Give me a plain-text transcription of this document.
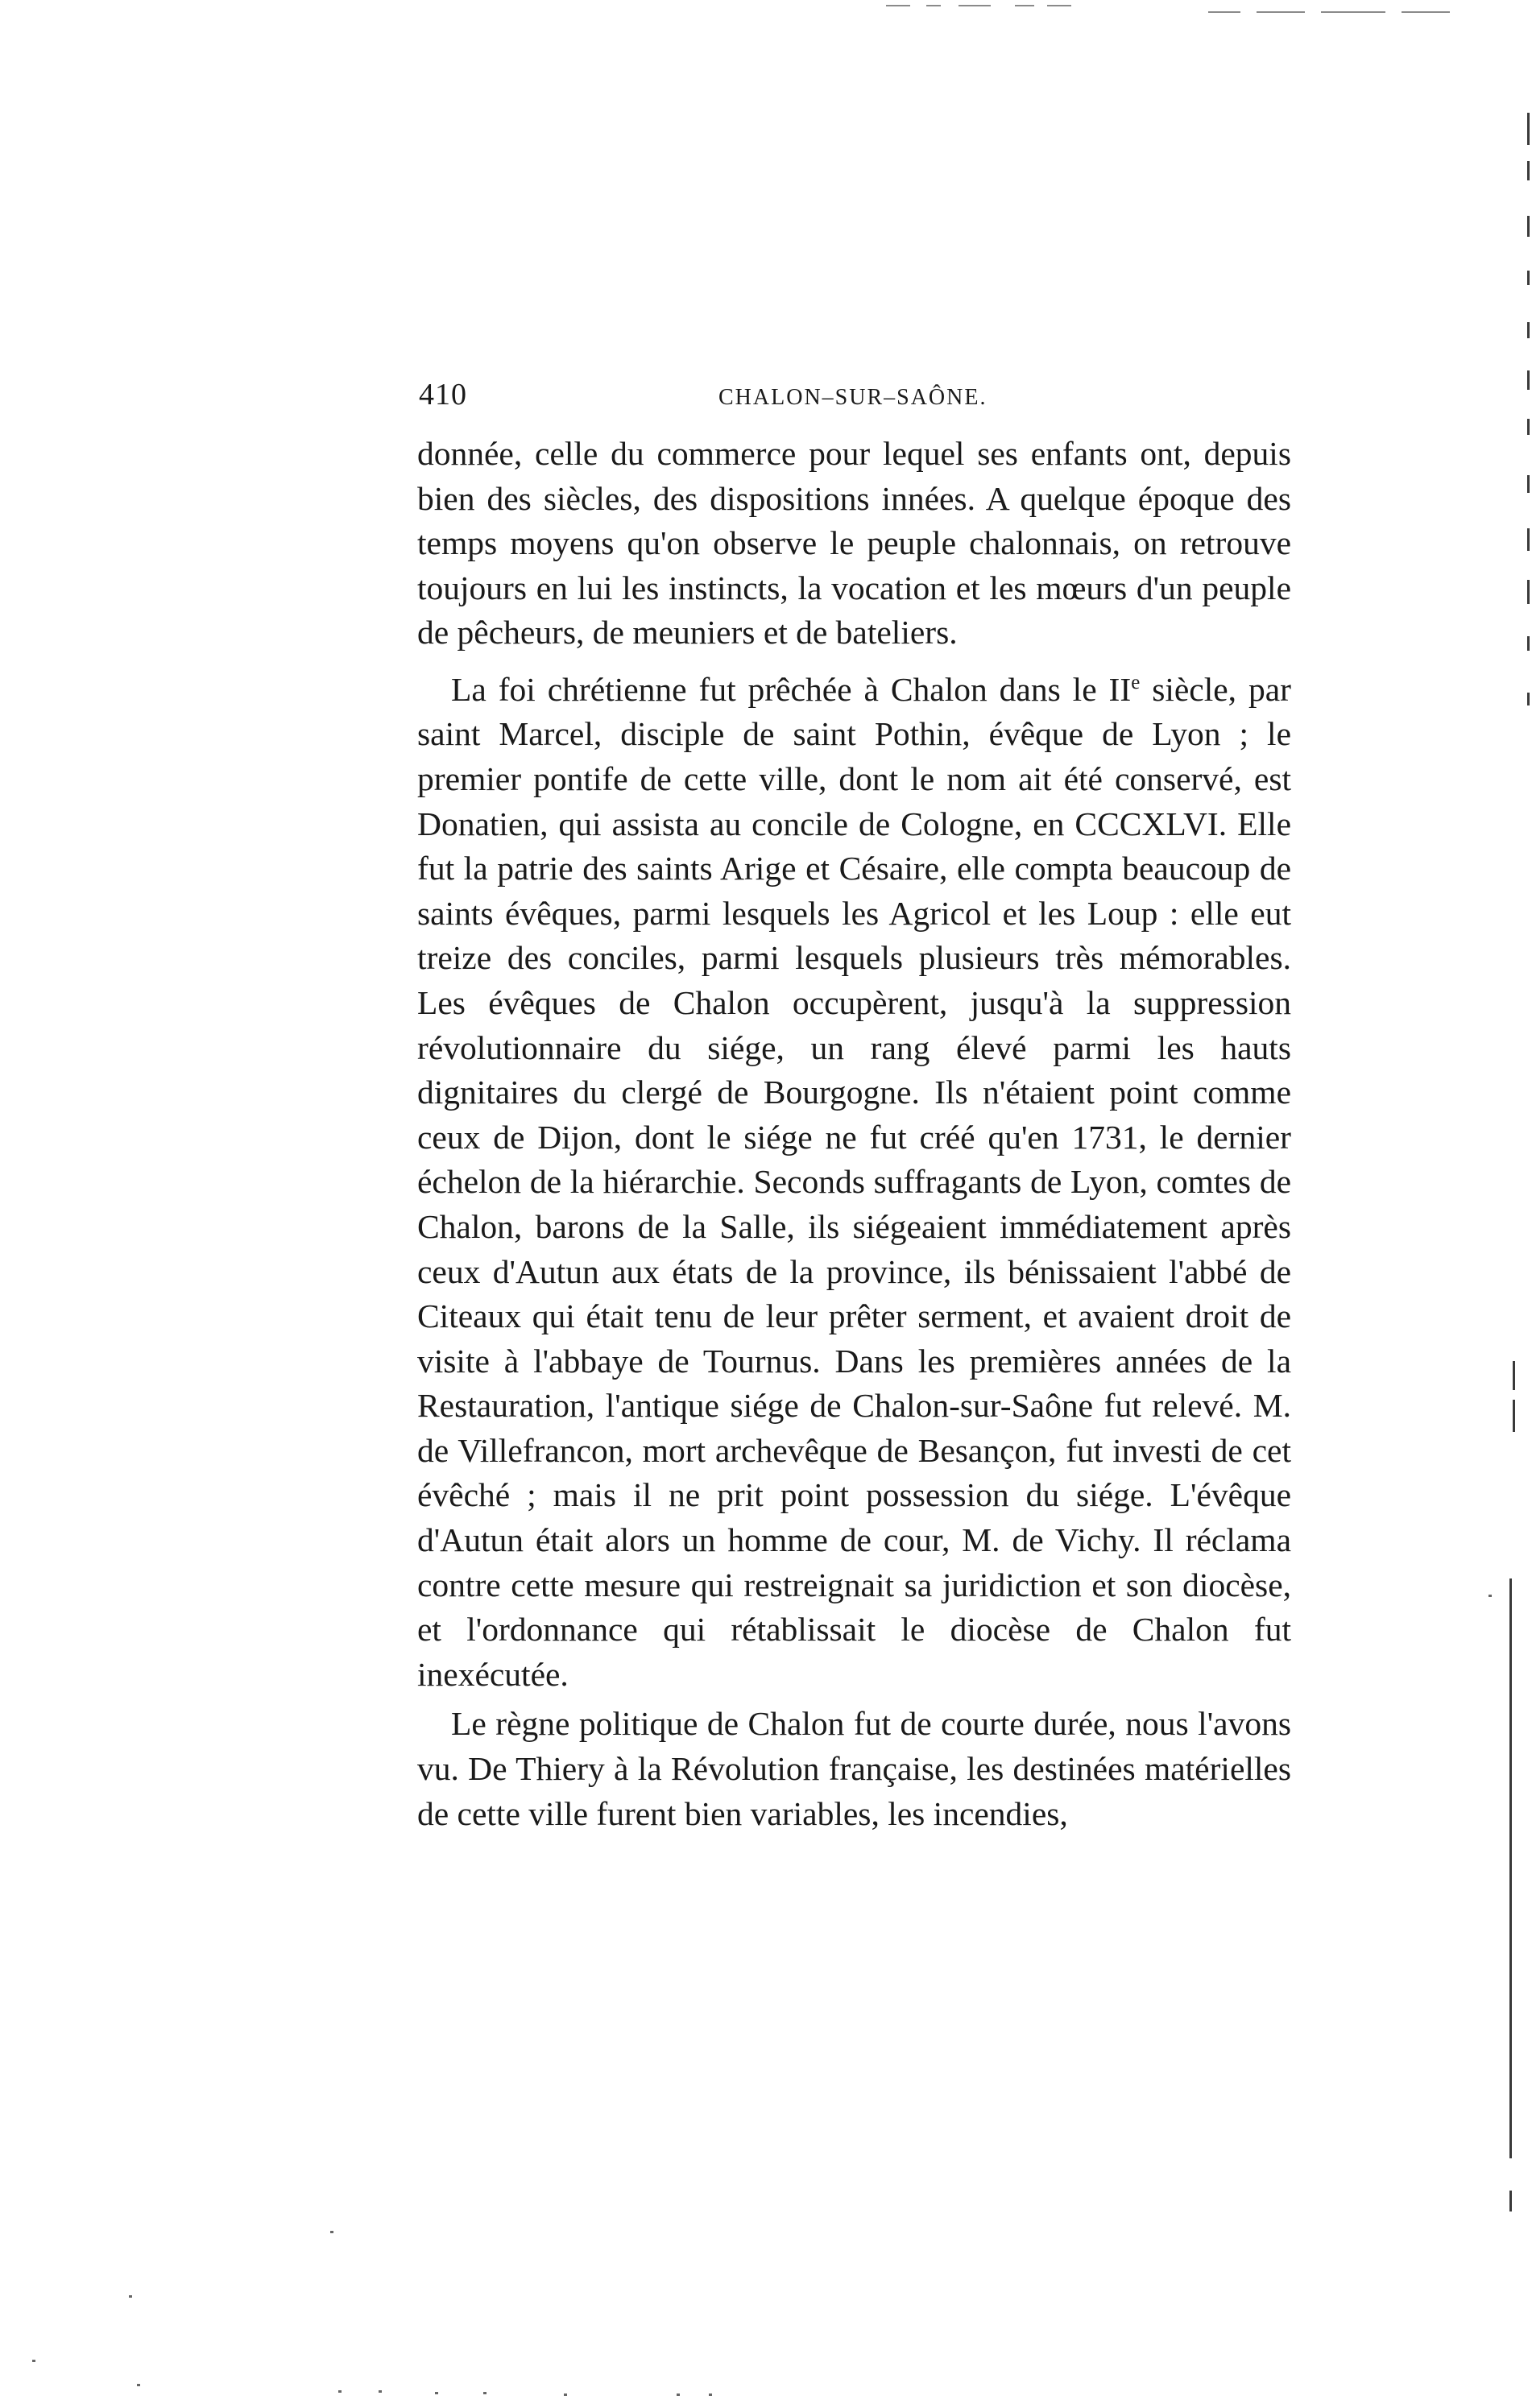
410	CHALON–SUR–SAÔNE.

donnée, celle du commerce pour lequel ses enfants ont, depuis bien des siècles, des dispositions innées. A quelque époque des temps moyens qu'on observe le peuple chalonnais, on retrouve toujours en lui les instincts, la vocation et les mœurs d'un peuple de pêcheurs, de meuniers et de bateliers.

La foi chrétienne fut prêchée à Chalon dans le IIe siècle, par saint Marcel, disciple de saint Pothin, évêque de Lyon ; le premier pontife de cette ville, dont le nom ait été conservé, est Donatien, qui assista au concile de Cologne, en CCCXLVI. Elle fut la patrie des saints Arige et Césaire, elle compta beaucoup de saints évêques, parmi lesquels les Agricol et les Loup : elle eut treize des conciles, parmi lesquels plusieurs très mémorables. Les évêques de Chalon occupèrent, jusqu'à la suppression révolutionnaire du siége, un rang élevé parmi les hauts dignitaires du clergé de Bourgogne. Ils n'étaient point comme ceux de Dijon, dont le siége ne fut créé qu'en 1731, le dernier échelon de la hiérarchie. Seconds suffragants de Lyon, comtes de Chalon, barons de la Salle, ils siégeaient immédiatement après ceux d'Autun aux états de la province, ils bénissaient l'abbé de Citeaux qui était tenu de leur prêter serment, et avaient droit de visite à l'abbaye de Tournus. Dans les premières années de la Restauration, l'antique siége de Chalon-sur-Saône fut relevé. M. de Villefrancon, mort archevêque de Besançon, fut investi de cet évêché ; mais il ne prit point possession du siége. L'évêque d'Autun était alors un homme de cour, M. de Vichy. Il réclama contre cette mesure qui restreignait sa juridiction et son diocèse, et l'ordonnance qui rétablissait le diocèse de Chalon fut inexécutée.

Le règne politique de Chalon fut de courte durée, nous l'avons vu. De Thiery à la Révolution française, les destinées matérielles de cette ville furent bien variables, les incendies,
